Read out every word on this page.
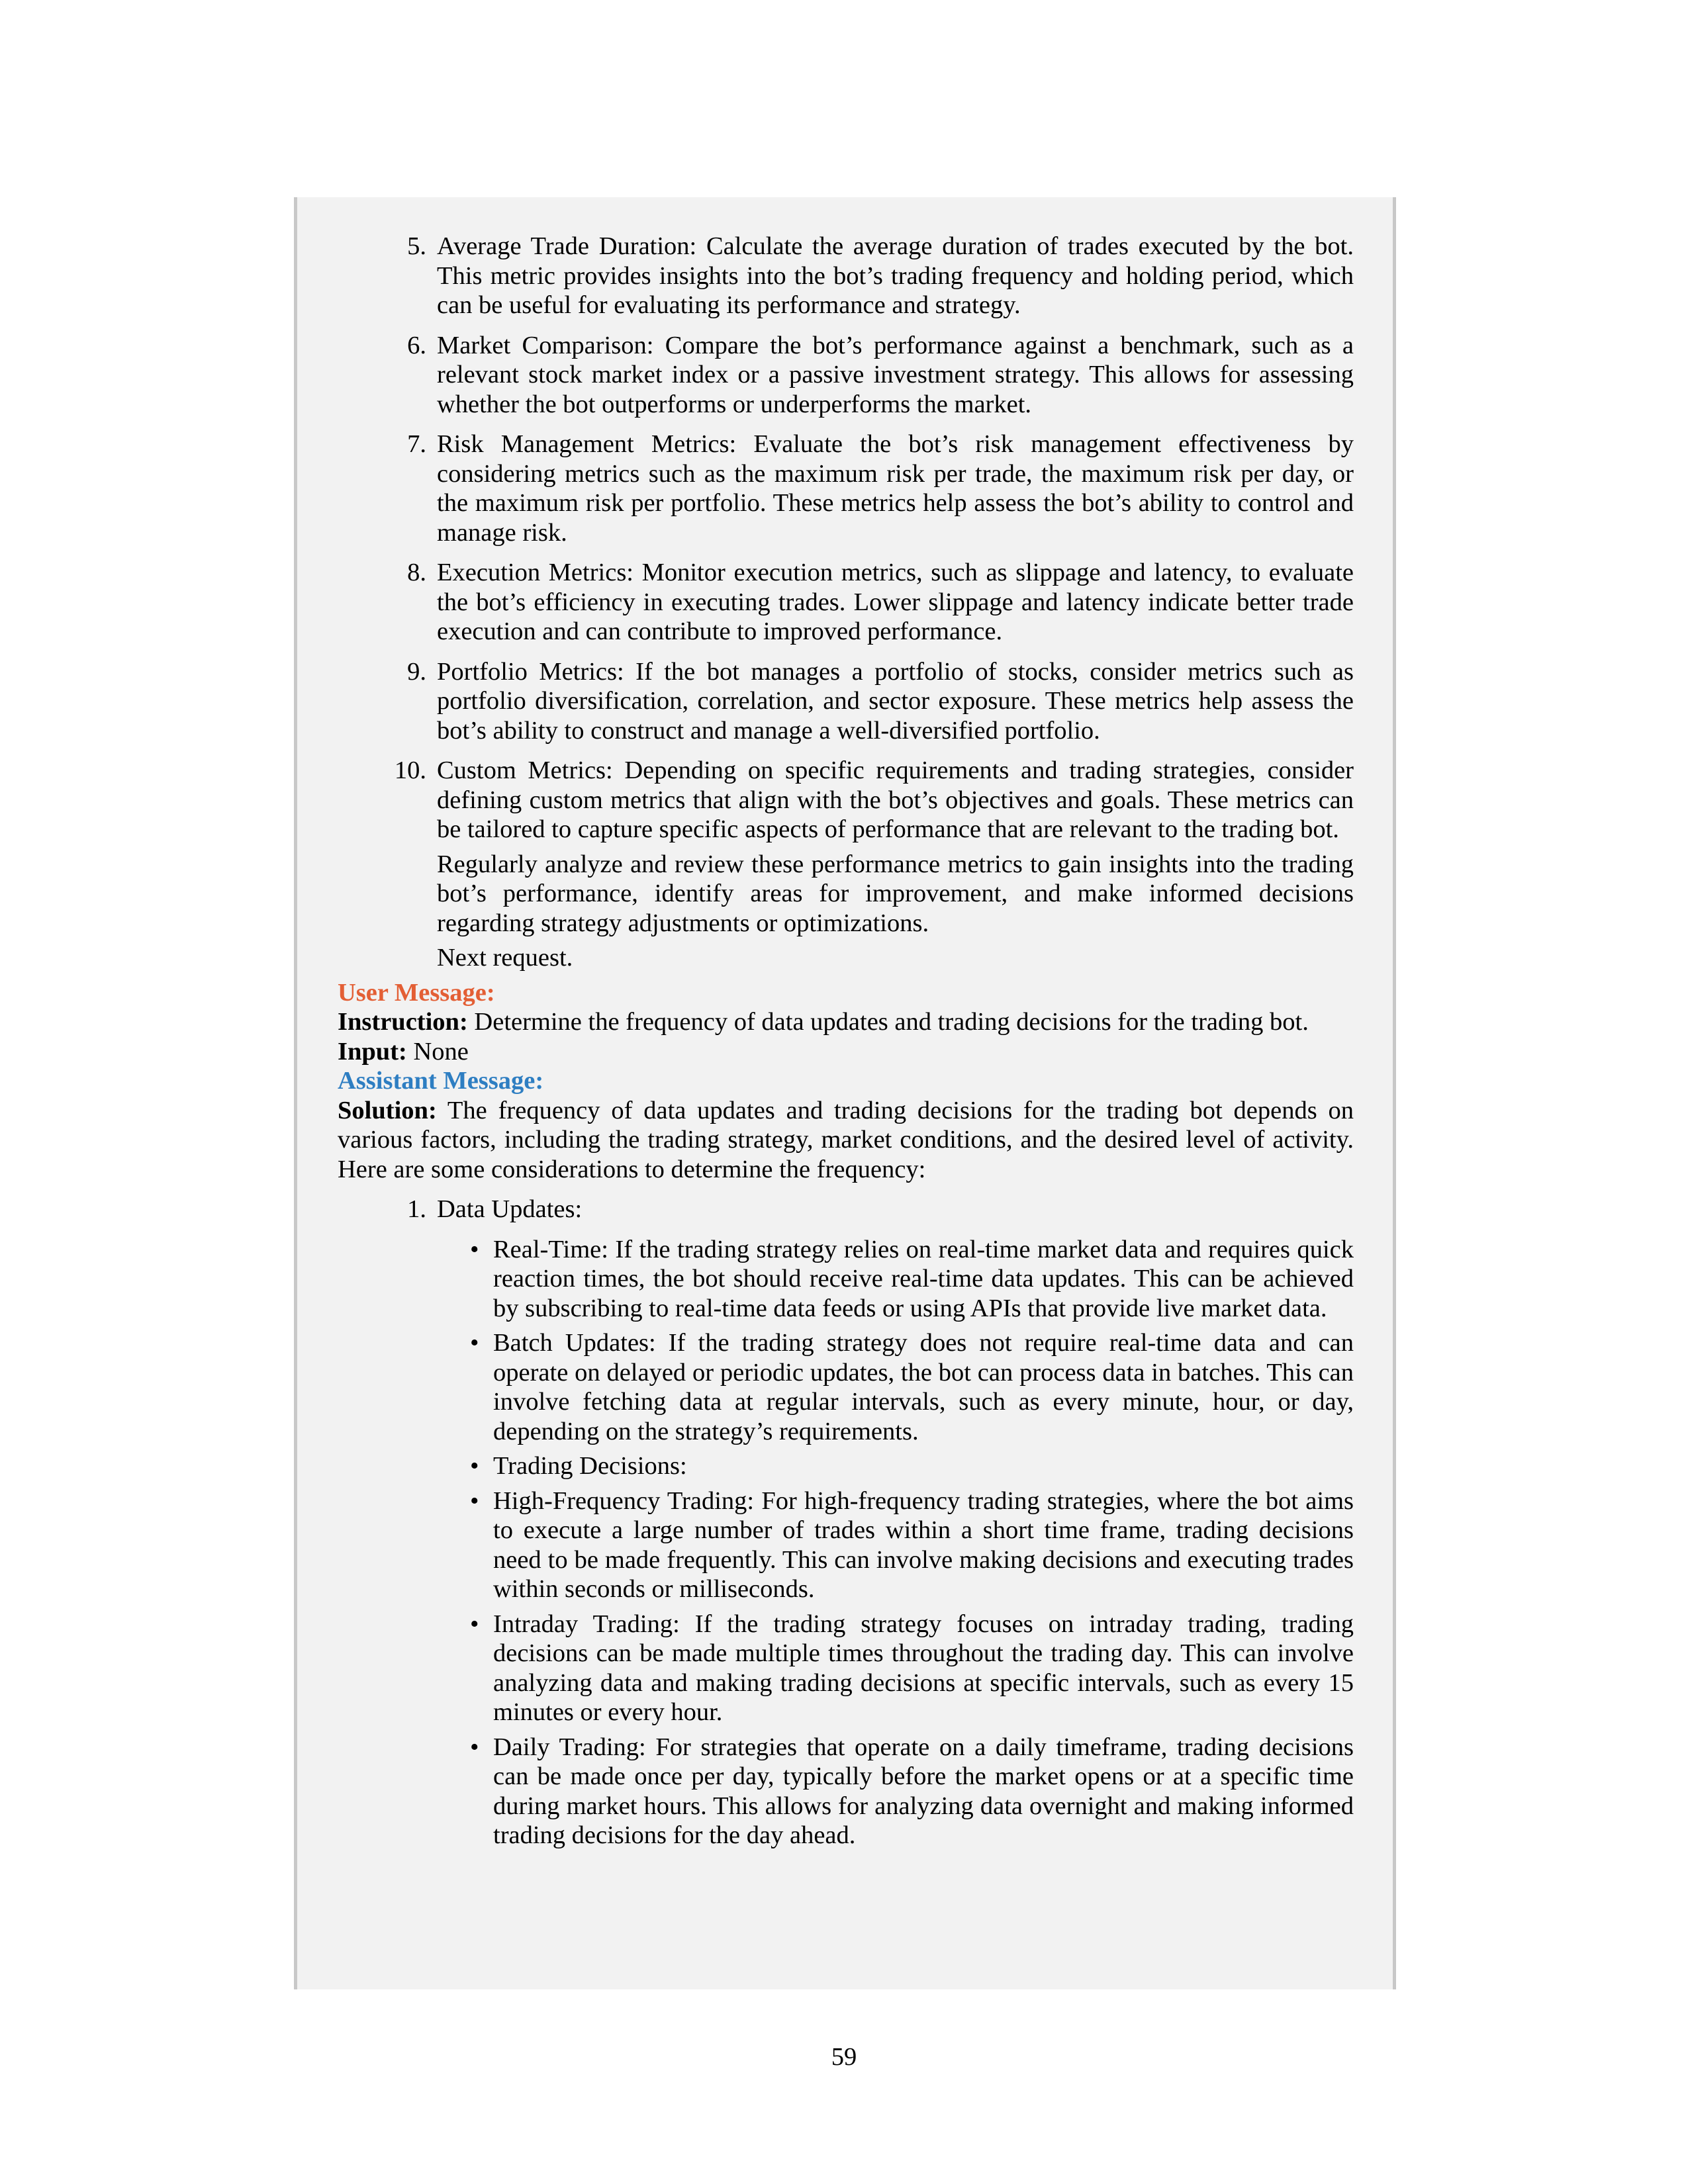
5. Average Trade Duration: Calculate the average duration of trades executed by the bot. This metric provides insights into the bot’s trading frequency and holding period, which can be useful for evaluating its performance and strategy.
6. Market Comparison: Compare the bot’s performance against a benchmark, such as a relevant stock market index or a passive investment strategy. This allows for assessing whether the bot outperforms or underperforms the market.
7. Risk Management Metrics: Evaluate the bot’s risk management effectiveness by considering metrics such as the maximum risk per trade, the maximum risk per day, or the maximum risk per portfolio. These metrics help assess the bot’s ability to control and manage risk.
8. Execution Metrics: Monitor execution metrics, such as slippage and latency, to evaluate the bot’s efficiency in executing trades. Lower slippage and latency indicate better trade execution and can contribute to improved performance.
9. Portfolio Metrics: If the bot manages a portfolio of stocks, consider metrics such as portfolio diversification, correlation, and sector exposure. These metrics help assess the bot’s ability to construct and manage a well-diversified portfolio.
10. Custom Metrics: Depending on specific requirements and trading strategies, consider defining custom metrics that align with the bot’s objectives and goals. These metrics can be tailored to capture specific aspects of performance that are relevant to the trading bot.
Regularly analyze and review these performance metrics to gain insights into the trading bot’s performance, identify areas for improvement, and make informed decisions regarding strategy adjustments or optimizations.
Next request.
User Message:
Instruction: Determine the frequency of data updates and trading decisions for the trading bot.
Input: None
Assistant Message:
Solution: The frequency of data updates and trading decisions for the trading bot depends on various factors, including the trading strategy, market conditions, and the desired level of activity. Here are some considerations to determine the frequency:
1. Data Updates:
• Real-Time: If the trading strategy relies on real-time market data and requires quick reaction times, the bot should receive real-time data updates. This can be achieved by subscribing to real-time data feeds or using APIs that provide live market data.
• Batch Updates: If the trading strategy does not require real-time data and can operate on delayed or periodic updates, the bot can process data in batches. This can involve fetching data at regular intervals, such as every minute, hour, or day, depending on the strategy’s requirements.
• Trading Decisions:
• High-Frequency Trading: For high-frequency trading strategies, where the bot aims to execute a large number of trades within a short time frame, trading decisions need to be made frequently. This can involve making decisions and executing trades within seconds or milliseconds.
• Intraday Trading: If the trading strategy focuses on intraday trading, trading decisions can be made multiple times throughout the trading day. This can involve analyzing data and making trading decisions at specific intervals, such as every 15 minutes or every hour.
• Daily Trading: For strategies that operate on a daily timeframe, trading decisions can be made once per day, typically before the market opens or at a specific time during market hours. This allows for analyzing data overnight and making informed trading decisions for the day ahead.
59
